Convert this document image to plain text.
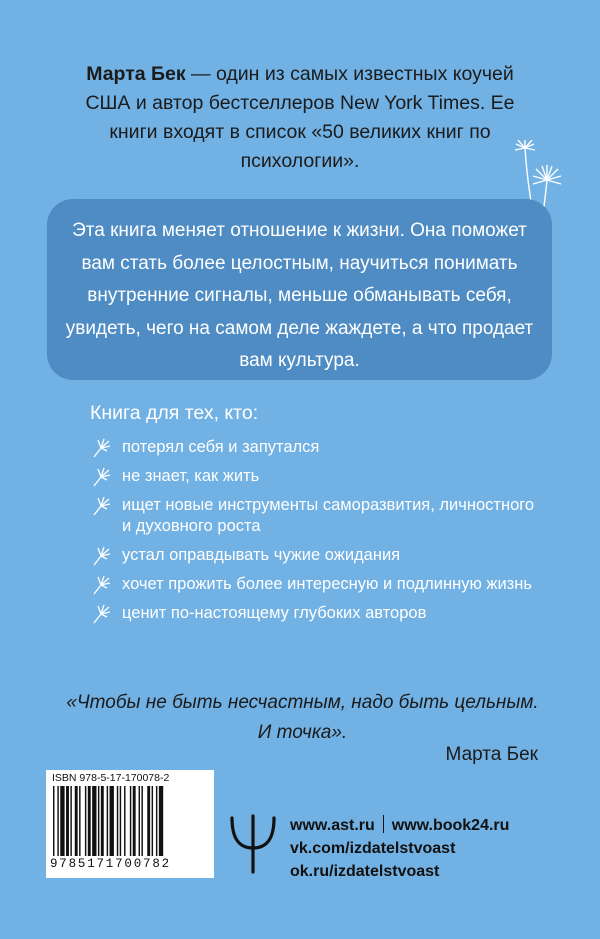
Марта Бек — один из самых известных коучей США и автор бестселлеров New York Times. Ее книги входят в список «50 великих книг по психологии».
Эта книга меняет отношение к жизни. Она поможет вам стать более целостным, научиться понимать внутренние сигналы, меньше обманывать себя, увидеть, чего на самом деле жаждете, а что продает вам культура.
Книга для тех, кто:
потерял себя и запутался
не знает, как жить
ищет новые инструменты саморазвития, личностного и духовного роста
устал оправдывать чужие ожидания
хочет прожить более интересную и подлинную жизнь
ценит по-настоящему глубоких авторов
«Чтобы не быть несчастным, надо быть цельным.
И точка».
Марта Бек
ISBN 978-5-17-170078-2
9785171700782
www.ast.ru www.book24.ru
vk.com/izdatelstvoast
ok.ru/izdatelstvoast
